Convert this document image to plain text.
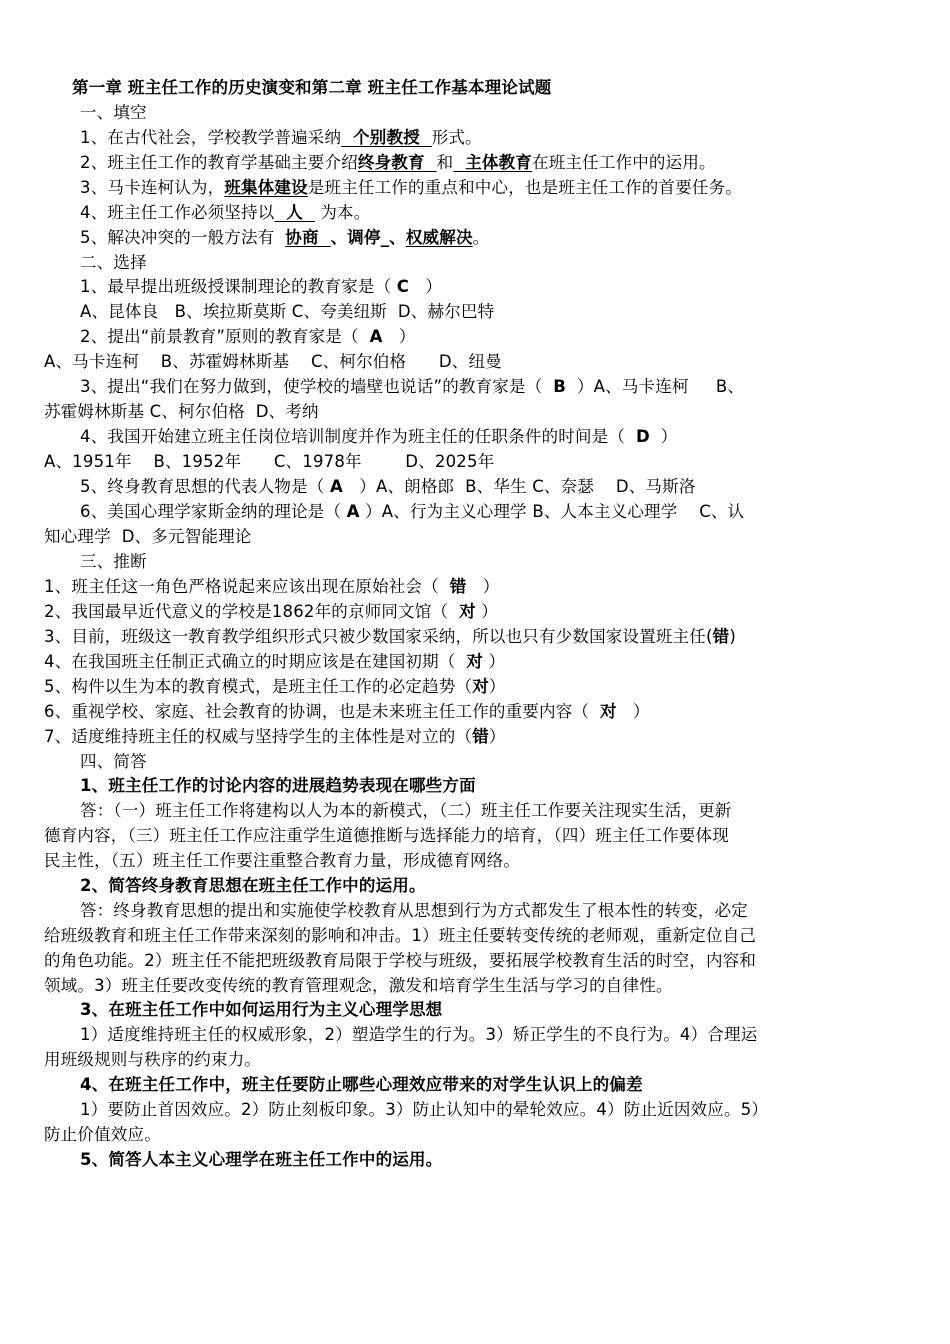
第一章 班主任工作的历史演变和第二章 班主任工作基本理论试题
一、填空
1、在古代社会，学校教学普遍采纳  个别教授  形式。
2、班主任工作的教育学基础主要介绍终身教育  和  主体教育在班主任工作中的运用。
3、马卡连柯认为，班集体建设是班主任工作的重点和中心，也是班主任工作的首要任务。
4、班主任工作必须坚持以  人   为本。
5、解决冲突的一般方法有  协商  、调停_、权威解决。
二、选择
1、最早提出班级授课制理论的教育家是（ C   ）
A、昆体良   B、埃拉斯莫斯 C、夸美纽斯  D、赫尔巴特
2、提出“前景教育”原则的教育家是（  A   ）
A、马卡连柯    B、苏霍姆林斯基    C、柯尔伯格      D、纽曼
3、提出“我们在努力做到，使学校的墙壁也说话”的教育家是（  B  ）A、马卡连柯     B、
苏霍姆林斯基 C、柯尔伯格  D、考纳
4、我国开始建立班主任岗位培训制度并作为班主任的任职条件的时间是（  D  ）
A、1951年    B、1952年      C、1978年        D、2025年
5、终身教育思想的代表人物是（ A   ）A、朗格郎  B、华生 C、奈瑟    D、马斯洛
6、美国心理学家斯金纳的理论是（ A ）A、行为主义心理学 B、人本主义心理学    C、认
知心理学  D、多元智能理论
三、推断
1、班主任这一角色严格说起来应该出现在原始社会（  错   ）
2、我国最早近代意义的学校是1862年的京师同文馆（  对 ）
3、目前，班级这一教育教学组织形式只被少数国家采纳，所以也只有少数国家设置班主任(错)
4、在我国班主任制正式确立的时期应该是在建国初期（  对 ）
5、构件以生为本的教育模式，是班主任工作的必定趋势（对）
6、重视学校、家庭、社会教育的协调，也是未来班主任工作的重要内容（  对   ）
7、适度维持班主任的权威与坚持学生的主体性是对立的（错）
四、简答
1、班主任工作的讨论内容的进展趋势表现在哪些方面
答：（一）班主任工作将建构以人为本的新模式，（二）班主任工作要关注现实生活，更新
德育内容，（三）班主任工作应注重学生道德推断与选择能力的培育，（四）班主任工作要体现
民主性，（五）班主任工作要注重整合教育力量，形成德育网络。
2、简答终身教育思想在班主任工作中的运用。
答：终身教育思想的提出和实施使学校教育从思想到行为方式都发生了根本性的转变，必定
给班级教育和班主任工作带来深刻的影响和冲击。1）班主任要转变传统的老师观，重新定位自己
的角色功能。2）班主任不能把班级教育局限于学校与班级，要拓展学校教育生活的时空，内容和
领域。3）班主任要改变传统的教育管理观念，激发和培育学生生活与学习的自律性。
3、在班主任工作中如何运用行为主义心理学思想
1）适度维持班主任的权威形象，2）塑造学生的行为。3）矫正学生的不良行为。4）合理运
用班级规则与秩序的约束力。
4、在班主任工作中，班主任要防止哪些心理效应带来的对学生认识上的偏差
1）要防止首因效应。2）防止刻板印象。3）防止认知中的晕轮效应。4）防止近因效应。5）
防止价值效应。
5、简答人本主义心理学在班主任工作中的运用。
